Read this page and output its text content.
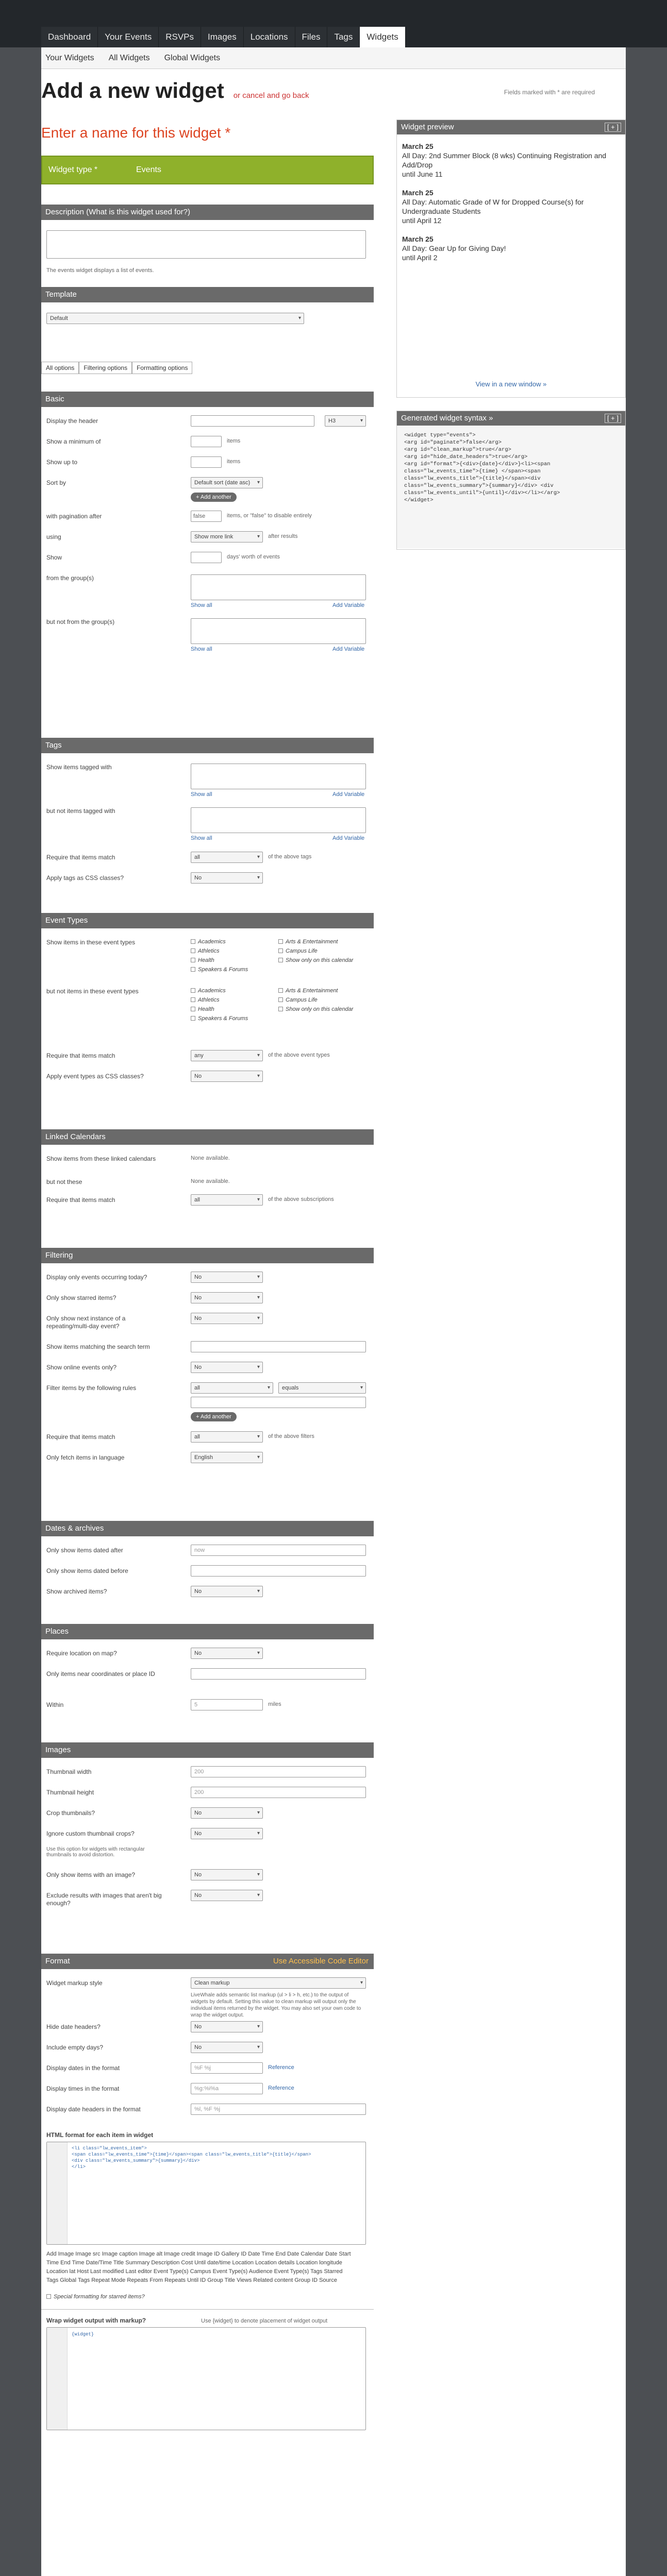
Dashboard	Your Events	RSVPs	Images	Locations	Files	Tags	Widgets
Your Widgets All Widgets Global Widgets
Add a new widget or cancel and go back	Fields marked with * are required
Enter a name for this widget *
Widget type *	Events
Description (What is this widget used for?)
The events widget displays a list of events.
Template
Default ▾
All options	Filtering options	Formatting options
Basic
Display the header	H3 ▾
Show a minimum of	items
Show up to	items
Sort by	Default sort (date asc) ▾
+ Add another
with pagination after	false	items, or "false" to disable entirely
using	Show more link ▾	after results
Show	days' worth of events
from the group(s)
Show all	Add Variable
but not from the group(s)
Show all	Add Variable
Tags
Show items tagged with
Show all	Add Variable
but not items tagged with
Show all	Add Variable
Require that items match	all ▾	of the above tags
Apply tags as CSS classes?	No ▾
Event Types
Show items in these event types	Academics	Arts & Entertainment
Athletics	Campus Life
Health	Show only on this calendar
Speakers & Forums
but not items in these event types	Academics	Arts & Entertainment
Athletics	Campus Life
Health	Show only on this calendar
Speakers & Forums
Require that items match	any ▾	of the above event types
Apply event types as CSS classes?	No ▾
Linked Calendars
Show items from these linked calendars	None available.
but not these	None available.
Require that items match	all ▾	of the above subscriptions
Filtering
Display only events occurring today?	No ▾
Only show starred items?	No ▾
Only show next instance of a repeating/multi-day event?
No ▾
Show items matching the search term
Show online events only?	No ▾
Filter items by the following rules	all ▾	equals ▾
+ Add another
Require that items match	all ▾	of the above filters
Only fetch items in language	English ▾
Dates & archives
Only show items dated after	now
Only show items dated before
Show archived items?	No ▾
Places
Require location on map?	No ▾
Only items near coordinates or place ID
Within	5	miles
Images
Thumbnail width	200
Thumbnail height	200
Crop thumbnails?	No ▾
Ignore custom thumbnail crops?
Use this option for widgets with rectangular thumbnails to avoid distortion.
No ▾
Only show items with an image?	No ▾
Exclude results with images that aren't big enough?
No ▾
Format	Use Accessible Code Editor
Widget markup style	Clean markup ▾
LiveWhale adds semantic list markup (ul > li > h, etc.) to the output of widgets by default. Setting this value to clean markup will output only the individual items returned by the widget. You may also set your own code to wrap the widget output.
Hide date headers?	No ▾
Include empty days?	No ▾
Display dates in the format	%F %j	Reference
Display times in the format	%g:%i%a	Reference
Display date headers in the format	%l, %F %j
HTML format for each item in widget
<li class="lw_events_item">
<span class="lw_events_time">{time}</span><span class="lw_events_title">{title}</span>
<div class="lw_events_summary">{summary}</div>
</li>
Add Image Image src Image caption Image alt Image credit Image ID Gallery ID Date Time End Date Calendar Date Start Time End Time Date/Time Title Summary Description Cost Until date/time Location Location details Location longitude Location lat Host Last modified Last editor Event Type(s) Campus Event Type(s) Audience Event Type(s) Tags Starred Tags Global Tags Repeat Mode Repeats From Repeats Until ID Group Title Views Related content Group ID Source
Special formatting for starred items?
Wrap widget output with markup?	Use {widget} to denote placement of widget output
{widget}
Widget preview	[ + ]
March 25
All Day: 2nd Summer Block (8 wks) Continuing Registration and Add/Drop
until June 11
March 25
All Day: Automatic Grade of W for Dropped Course(s) for Undergraduate Students
until April 12
March 25
All Day: Gear Up for Giving Day!
until April 2
View in a new window »
Generated widget syntax »	[ + ]
<widget type="events">
<arg id="paginate">false</arg>
<arg id="clean_markup">true</arg>
<arg id="hide_date_headers">true</arg>
<arg id="format">{<div>{date}</div>}<li><span
class="lw_events_time">{time} </span><span
class="lw_events_title">{title}</span><div
class="lw_events_summary">{summary}</div> <div
class="lw_events_until">{until}</div></li></arg>
</widget>
